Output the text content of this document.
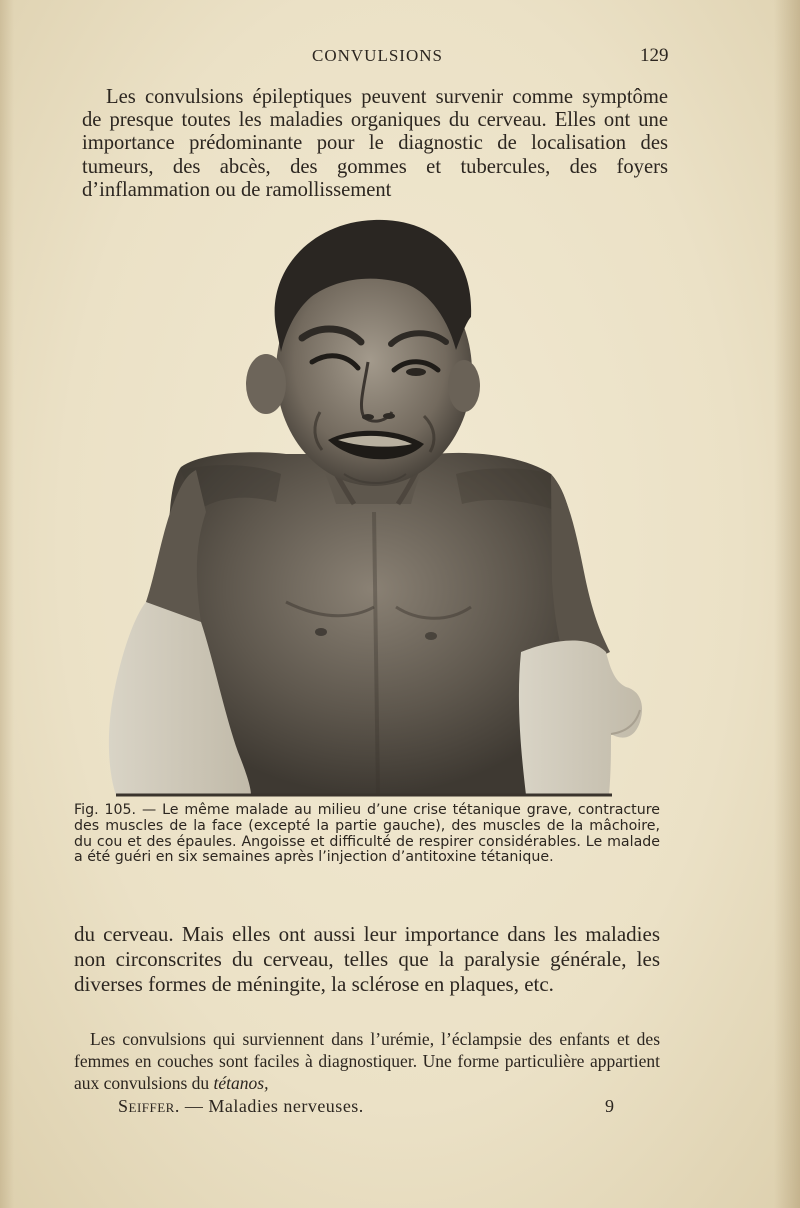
CONVULSIONS	129

Les convulsions épileptiques peuvent survenir comme symptôme de presque toutes les maladies organiques du cerveau. Elles ont une importance prédominante pour le diagnostic de localisation des tumeurs, des abcès, des gommes et tubercules, des foyers d’inflammation ou de ramollissement

Fig. 105. — Le même malade au milieu d’une crise tétanique grave, contracture des muscles de la face (excepté la partie gauche), des muscles de la mâchoire, du cou et des épaules. Angoisse et difficulté de respirer considérables. Le malade a été guéri en six semaines après l’injection d’antitoxine tétanique.

du cerveau. Mais elles ont aussi leur importance dans les maladies non circonscrites du cerveau, telles que la paralysie générale, les diverses formes de méningite, la sclérose en plaques, etc.

Les convulsions qui surviennent dans l’urémie, l’éclampsie des enfants et des femmes en couches sont faciles à diagnostiquer. Une forme particulière appartient aux convulsions du tétanos,

Seiffer. — Maladies nerveuses.	9
